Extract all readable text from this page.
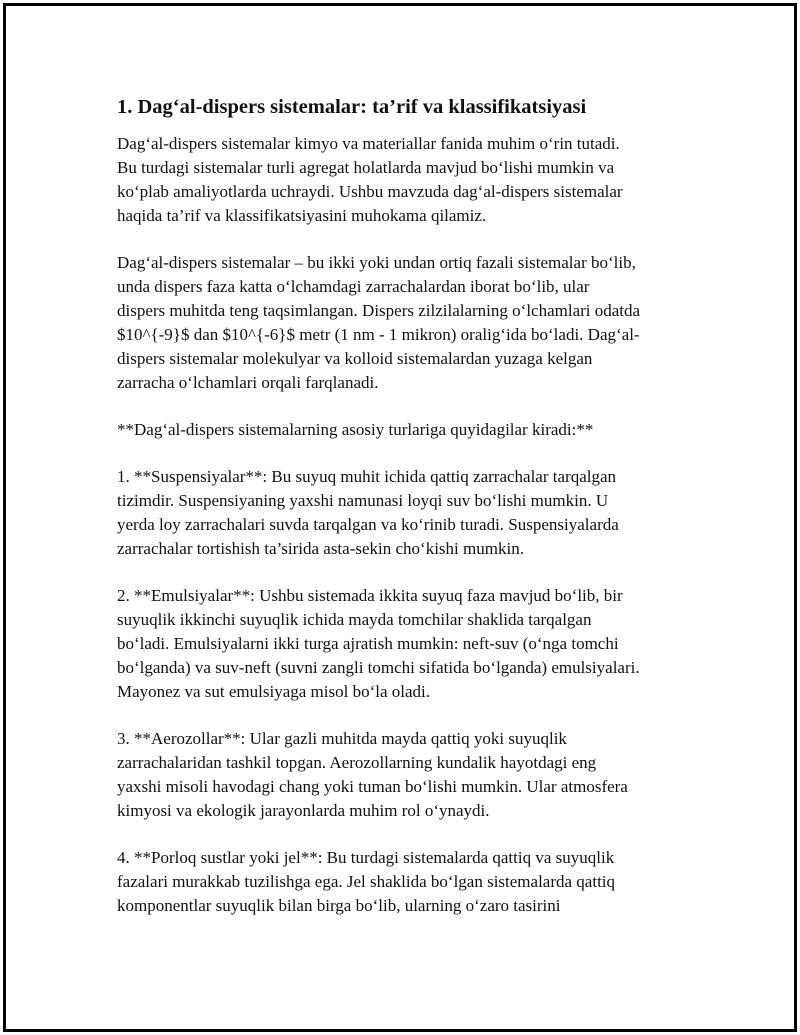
1. Dag‘al-dispers sistemalar: ta’rif va klassifikatsiyasi

Dag‘al-dispers sistemalar kimyo va materiallar fanida muhim o‘rin tutadi.
Bu turdagi sistemalar turli agregat holatlarda mavjud bo‘lishi mumkin va
ko‘plab amaliyotlarda uchraydi. Ushbu mavzuda dag‘al-dispers sistemalar
haqida ta’rif va klassifikatsiyasini muhokama qilamiz.

Dag‘al-dispers sistemalar – bu ikki yoki undan ortiq fazali sistemalar bo‘lib,
unda dispers faza katta o‘lchamdagi zarrachalardan iborat bo‘lib, ular
dispers muhitda teng taqsimlangan. Dispers zilzilalarning o‘lchamlari odatda
$10^{-9}$ dan $10^{-6}$ metr (1 nm - 1 mikron) oralig‘ida bo‘ladi. Dag‘al-
dispers sistemalar molekulyar va kolloid sistemalardan yuzaga kelgan
zarracha o‘lchamlari orqali farqlanadi.

**Dag‘al-dispers sistemalarning asosiy turlariga quyidagilar kiradi:**

1. **Suspensiyalar**: Bu suyuq muhit ichida qattiq zarrachalar tarqalgan
tizimdir. Suspensiyaning yaxshi namunasi loyqi suv bo‘lishi mumkin. U
yerda loy zarrachalari suvda tarqalgan va ko‘rinib turadi. Suspensiyalarda
zarrachalar tortishish ta’sirida asta-sekin cho‘kishi mumkin.

2. **Emulsiyalar**: Ushbu sistemada ikkita suyuq faza mavjud bo‘lib, bir
suyuqlik ikkinchi suyuqlik ichida mayda tomchilar shaklida tarqalgan
bo‘ladi. Emulsiyalarni ikki turga ajratish mumkin: neft-suv (o‘nga tomchi
bo‘lganda) va suv-neft (suvni zangli tomchi sifatida bo‘lganda) emulsiyalari.
Mayonez va sut emulsiyaga misol bo‘la oladi.

3. **Aerozollar**: Ular gazli muhitda mayda qattiq yoki suyuqlik
zarrachalaridan tashkil topgan. Aerozollarning kundalik hayotdagi eng
yaxshi misoli havodagi chang yoki tuman bo‘lishi mumkin. Ular atmosfera
kimyosi va ekologik jarayonlarda muhim rol o‘ynaydi.

4. **Porloq sustlar yoki jel**: Bu turdagi sistemalarda qattiq va suyuqlik
fazalari murakkab tuzilishga ega. Jel shaklida bo‘lgan sistemalarda qattiq
komponentlar suyuqlik bilan birga bo‘lib, ularning o‘zaro tasirini
